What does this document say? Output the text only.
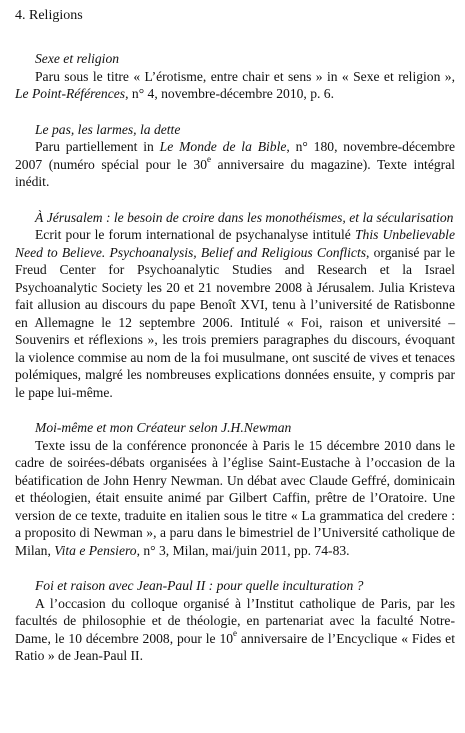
4. Religions

Sexe et religion

Paru sous le titre « L’érotisme, entre chair et sens » in « Sexe et religion », Le Point-Références, n° 4, novembre-décembre 2010, p. 6.

Le pas, les larmes, la dette

Paru partiellement in Le Monde de la Bible, n° 180, novembre-décembre 2007 (numéro spécial pour le 30e anniversaire du magazine). Texte intégral inédit.

À Jérusalem : le besoin de croire dans les monothéismes, et la sécularisation

Ecrit pour le forum international de psychanalyse intitulé This Unbelievable Need to Believe. Psychoanalysis, Belief and Religious Conflicts, organisé par le Freud Center for Psychoanalytic Studies and Research et la Israel Psychoanalytic Society les 20 et 21 novembre 2008 à Jérusalem. Julia Kristeva fait allusion au discours du pape Benoît XVI, tenu à l’université de Ratisbonne en Allemagne le 12 septembre 2006. Intitulé « Foi, raison et université – Souvenirs et réflexions », les trois premiers paragraphes du discours, évoquant la violence commise au nom de la foi musulmane, ont suscité de vives et tenaces polémiques, malgré les nombreuses explications données ensuite, y compris par le pape lui-même.

Moi-même et mon Créateur selon J.H.Newman

Texte issu de la conférence prononcée à Paris le 15 décembre 2010 dans le cadre de soirées-débats organisées à l’église Saint-Eustache à l’occasion de la béatification de John Henry Newman. Un débat avec Claude Geffré, dominicain et théologien, était ensuite animé par Gilbert Caffin, prêtre de l’Oratoire. Une version de ce texte, traduite en italien sous le titre « La grammatica del credere : a proposito di Newman », a paru dans le bimestriel de l’Université catholique de Milan, Vita e Pensiero, n° 3, Milan, mai/juin 2011, pp. 74-83.

Foi et raison avec Jean-Paul II : pour quelle inculturation ?

A l’occasion du colloque organisé à l’Institut catholique de Paris, par les facultés de philosophie et de théologie, en partenariat avec la faculté Notre-Dame, le 10 décembre 2008, pour le 10e anniversaire de l’Encyclique « Fides et Ratio » de Jean-Paul II.
